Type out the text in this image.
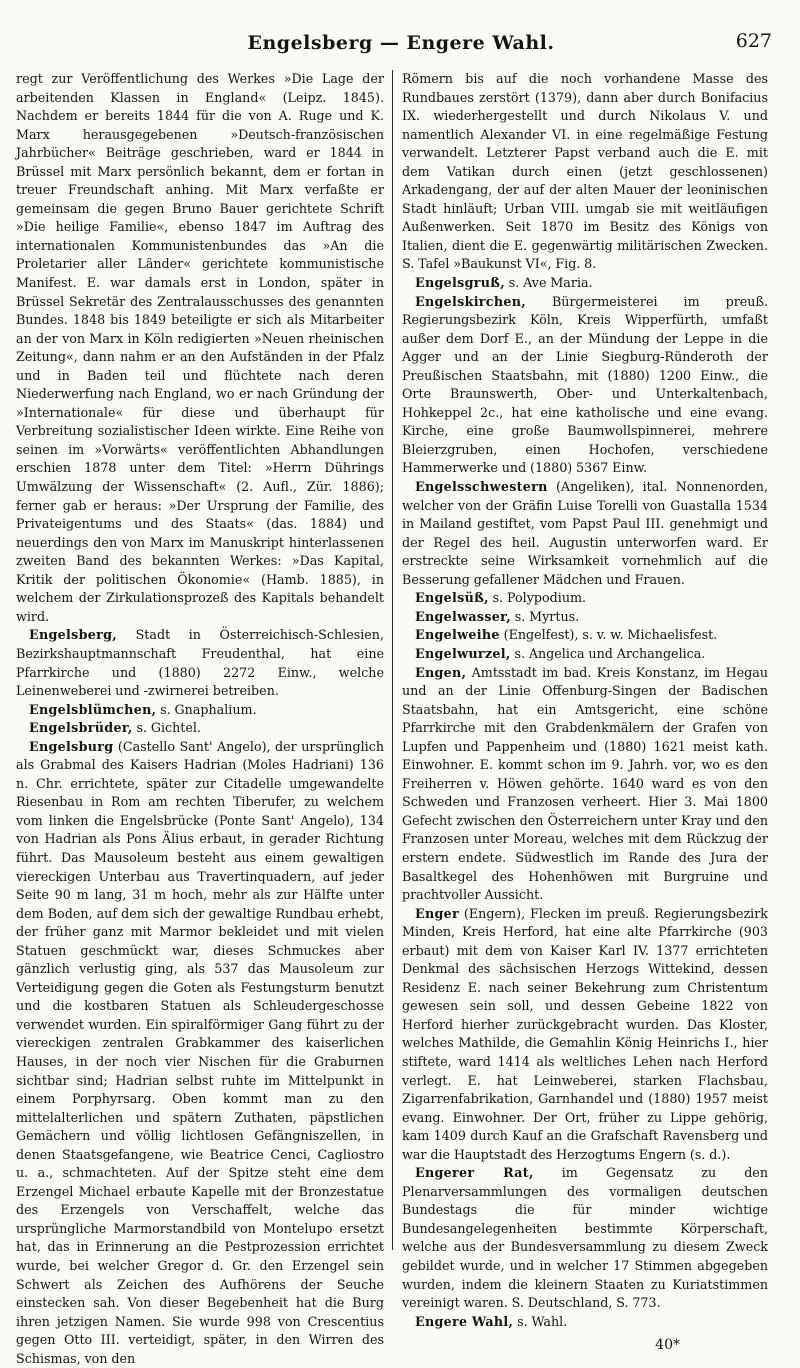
Engelsberg — Engere Wahl.	627

regt zur Veröffentlichung des Werkes »Die Lage der arbeitenden Klassen in England« (Leipz. 1845). Nachdem er bereits 1844 für die von A. Ruge und K. Marx herausgegebenen »Deutsch-französischen Jahrbücher« Beiträge geschrieben, ward er 1844 in Brüssel mit Marx persönlich bekannt, dem er fortan in treuer Freundschaft anhing. Mit Marx verfaßte er gemeinsam die gegen Bruno Bauer gerichtete Schrift »Die heilige Familie«, ebenso 1847 im Auftrag des internationalen Kommunistenbundes das »An die Proletarier aller Länder« gerichtete kommunistische Manifest. E. war damals erst in London, später in Brüssel Sekretär des Zentralausschusses des genannten Bundes. 1848 bis 1849 beteiligte er sich als Mitarbeiter an der von Marx in Köln redigierten »Neuen rheinischen Zeitung«, dann nahm er an den Aufständen in der Pfalz und in Baden teil und flüchtete nach deren Niederwerfung nach England, wo er nach Gründung der »Internationale« für diese und überhaupt für Verbreitung sozialistischer Ideen wirkte. Eine Reihe von seinen im »Vorwärts« veröffentlichten Abhandlungen erschien 1878 unter dem Titel: »Herrn Dührings Umwälzung der Wissenschaft« (2. Aufl., Zür. 1886); ferner gab er heraus: »Der Ursprung der Familie, des Privateigentums und des Staats« (das. 1884) und neuerdings den von Marx im Manuskript hinterlassenen zweiten Band des bekannten Werkes: »Das Kapital, Kritik der politischen Ökonomie« (Hamb. 1885), in welchem der Zirkulationsprozeß des Kapitals behandelt wird.

Engelsberg, Stadt in Österreichisch-Schlesien, Bezirkshauptmannschaft Freudenthal, hat eine Pfarrkirche und (1880) 2272 Einw., welche Leinenweberei und -zwirnerei betreiben.

Engelsblümchen, s. Gnaphalium.

Engelsbrüder, s. Gichtel.

Engelsburg (Castello Sant' Angelo), der ursprünglich als Grabmal des Kaisers Hadrian (Moles Hadriani) 136 n. Chr. errichtete, später zur Citadelle umgewandelte Riesenbau in Rom am rechten Tiberufer, zu welchem vom linken die Engelsbrücke (Ponte Sant' Angelo), 134 von Hadrian als Pons Älius erbaut, in gerader Richtung führt. Das Mausoleum besteht aus einem gewaltigen viereckigen Unterbau aus Travertinquadern, auf jeder Seite 90 m lang, 31 m hoch, mehr als zur Hälfte unter dem Boden, auf dem sich der gewaltige Rundbau erhebt, der früher ganz mit Marmor bekleidet und mit vielen Statuen geschmückt war, dieses Schmuckes aber gänzlich verlustig ging, als 537 das Mausoleum zur Verteidigung gegen die Goten als Festungsturm benutzt und die kostbaren Statuen als Schleudergeschosse verwendet wurden. Ein spiralförmiger Gang führt zu der viereckigen zentralen Grabkammer des kaiserlichen Hauses, in der noch vier Nischen für die Graburnen sichtbar sind; Hadrian selbst ruhte im Mittelpunkt in einem Porphyrsarg. Oben kommt man zu den mittelalterlichen und spätern Zuthaten, päpstlichen Gemächern und völlig lichtlosen Gefängniszellen, in denen Staatsgefangene, wie Beatrice Cenci, Cagliostro u. a., schmachteten. Auf der Spitze steht eine dem Erzengel Michael erbaute Kapelle mit der Bronzestatue des Erzengels von Verschaffelt, welche das ursprüngliche Marmorstandbild von Montelupo ersetzt hat, das in Erinnerung an die Pestprozession errichtet wurde, bei welcher Gregor d. Gr. den Erzengel sein Schwert als Zeichen des Aufhörens der Seuche einstecken sah. Von dieser Begebenheit hat die Burg ihren jetzigen Namen. Sie wurde 998 von Crescentius gegen Otto III. verteidigt, später, in den Wirren des Schismas, von den

Römern bis auf die noch vorhandene Masse des Rundbaues zerstört (1379), dann aber durch Bonifacius IX. wiederhergestellt und durch Nikolaus V. und namentlich Alexander VI. in eine regelmäßige Festung verwandelt. Letzterer Papst verband auch die E. mit dem Vatikan durch einen (jetzt geschlossenen) Arkadengang, der auf der alten Mauer der leoninischen Stadt hinläuft; Urban VIII. umgab sie mit weitläufigen Außenwerken. Seit 1870 im Besitz des Königs von Italien, dient die E. gegenwärtig militärischen Zwecken. S. Tafel »Baukunst VI«, Fig. 8.

Engelsgruß, s. Ave Maria.

Engelskirchen, Bürgermeisterei im preuß. Regierungsbezirk Köln, Kreis Wipperfürth, umfaßt außer dem Dorf E., an der Mündung der Leppe in die Agger und an der Linie Siegburg-Ründeroth der Preußischen Staatsbahn, mit (1880) 1200 Einw., die Orte Braunswerth, Ober- und Unterkaltenbach, Hohkeppel 2c., hat eine katholische und eine evang. Kirche, eine große Baumwollspinnerei, mehrere Bleierzgruben, einen Hochofen, verschiedene Hammerwerke und (1880) 5367 Einw.

Engelsschwestern (Angeliken), ital. Nonnenorden, welcher von der Gräfin Luise Torelli von Guastalla 1534 in Mailand gestiftet, vom Papst Paul III. genehmigt und der Regel des heil. Augustin unterworfen ward. Er erstreckte seine Wirksamkeit vornehmlich auf die Besserung gefallener Mädchen und Frauen.

Engelsüß, s. Polypodium.

Engelwasser, s. Myrtus.

Engelweihe (Engelfest), s. v. w. Michaelisfest.

Engelwurzel, s. Angelica und Archangelica.

Engen, Amtsstadt im bad. Kreis Konstanz, im Hegau und an der Linie Offenburg-Singen der Badischen Staatsbahn, hat ein Amtsgericht, eine schöne Pfarrkirche mit den Grabdenkmälern der Grafen von Lupfen und Pappenheim und (1880) 1621 meist kath. Einwohner. E. kommt schon im 9. Jahrh. vor, wo es den Freiherren v. Höwen gehörte. 1640 ward es von den Schweden und Franzosen verheert. Hier 3. Mai 1800 Gefecht zwischen den Österreichern unter Kray und den Franzosen unter Moreau, welches mit dem Rückzug der erstern endete. Südwestlich im Rande des Jura der Basaltkegel des Hohenhöwen mit Burgruine und prachtvoller Aussicht.

Enger (Engern), Flecken im preuß. Regierungsbezirk Minden, Kreis Herford, hat eine alte Pfarrkirche (903 erbaut) mit dem von Kaiser Karl IV. 1377 errichteten Denkmal des sächsischen Herzogs Wittekind, dessen Residenz E. nach seiner Bekehrung zum Christentum gewesen sein soll, und dessen Gebeine 1822 von Herford hierher zurückgebracht wurden. Das Kloster, welches Mathilde, die Gemahlin König Heinrichs I., hier stiftete, ward 1414 als weltliches Lehen nach Herford verlegt. E. hat Leinweberei, starken Flachsbau, Zigarrenfabrikation, Garnhandel und (1880) 1957 meist evang. Einwohner. Der Ort, früher zu Lippe gehörig, kam 1409 durch Kauf an die Grafschaft Ravensberg und war die Hauptstadt des Herzogtums Engern (s. d.).

Engerer Rat, im Gegensatz zu den Plenarversammlungen des vormaligen deutschen Bundestags die für minder wichtige Bundesangelegenheiten bestimmte Körperschaft, welche aus der Bundesversammlung zu diesem Zweck gebildet wurde, und in welcher 17 Stimmen abgegeben wurden, indem die kleinern Staaten zu Kuriatstimmen vereinigt waren. S. Deutschland, S. 773.

Engere Wahl, s. Wahl.

40*
